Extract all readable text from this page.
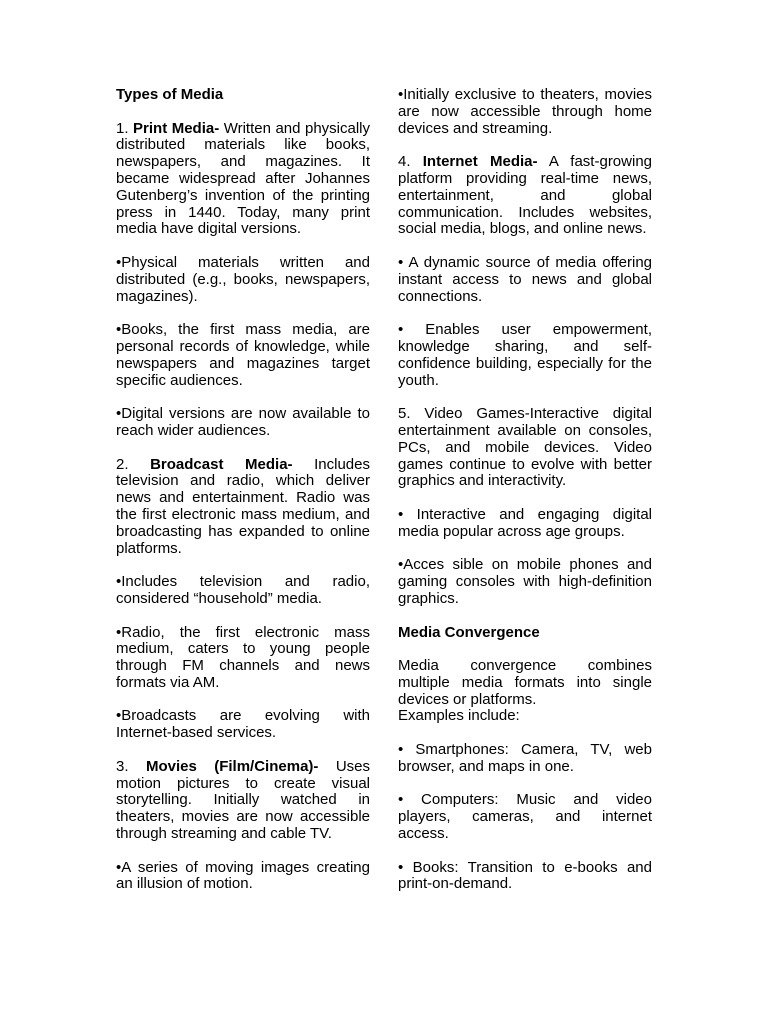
Types of Media

1. Print Media- Written and physically distributed materials like books, newspapers, and magazines. It became widespread after Johannes Gutenberg’s invention of the printing press in 1440. Today, many print media have digital versions.

•Physical materials written and distributed (e.g., books, newspapers, magazines).

•Books, the first mass media, are personal records of knowledge, while newspapers and magazines target specific audiences.

•Digital versions are now available to reach wider audiences.

2. Broadcast Media- Includes television and radio, which deliver news and entertainment. Radio was the first electronic mass medium, and broadcasting has expanded to online platforms.

•Includes television and radio, considered “household” media.

•Radio, the first electronic mass medium, caters to young people through FM channels and news formats via AM.

•Broadcasts are evolving with Internet-based services.

3. Movies (Film/Cinema)- Uses motion pictures to create visual storytelling. Initially watched in theaters, movies are now accessible through streaming and cable TV.

•A series of moving images creating an illusion of motion.

•Initially exclusive to theaters, movies are now accessible through home devices and streaming.

4. Internet Media- A fast-growing platform providing real-time news, entertainment, and global communication. Includes websites, social media, blogs, and online news.

• A dynamic source of media offering instant access to news and global connections.

• Enables user empowerment, knowledge sharing, and self-confidence building, especially for the youth.

5. Video Games-Interactive digital entertainment available on consoles, PCs, and mobile devices. Video games continue to evolve with better graphics and interactivity.

• Interactive and engaging digital media popular across age groups.

•Acces sible on mobile phones and gaming consoles with high-definition graphics.

Media Convergence

Media convergence combines multiple media formats into single devices or platforms.

Examples include:

• Smartphones: Camera, TV, web browser, and maps in one.

• Computers: Music and video players, cameras, and internet access.

• Books: Transition to e-books and print-on-demand.
